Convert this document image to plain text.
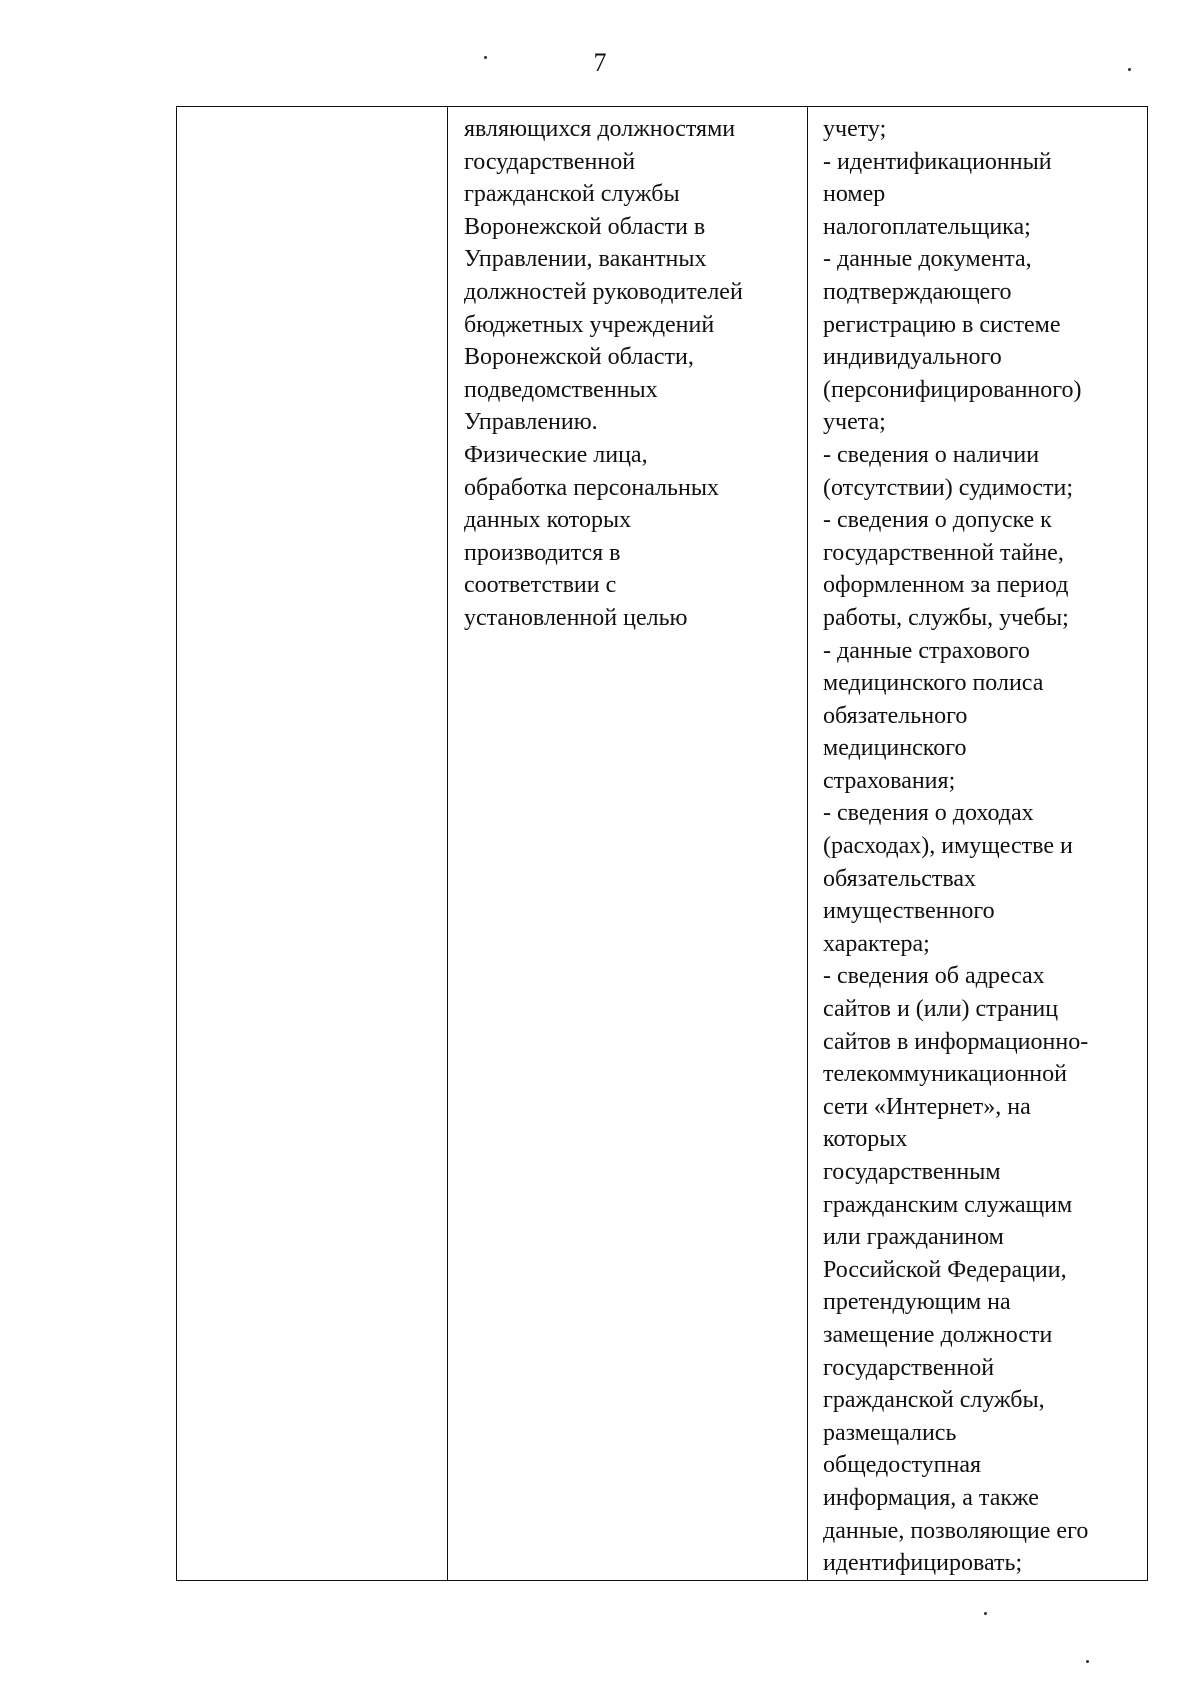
7
являющихся должностями
государственной
гражданской службы
Воронежской области в
Управлении, вакантных
должностей руководителей
бюджетных учреждений
Воронежской области,
подведомственных
Управлению.
Физические лица,
обработка персональных
данных которых
производится в
соответствии с
установленной целью
учету;
- идентификационный
номер
налогоплательщика;
- данные документа,
подтверждающего
регистрацию в системе
индивидуального
(персонифицированного)
учета;
- сведения о наличии
(отсутствии) судимости;
- сведения о допуске к
государственной тайне,
оформленном за период
работы, службы, учебы;
- данные страхового
медицинского полиса
обязательного
медицинского
страхования;
- сведения о доходах
(расходах), имуществе и
обязательствах
имущественного
характера;
- сведения об адресах
сайтов и (или) страниц
сайтов в информационно-
телекоммуникационной
сети «Интернет», на
которых
государственным
гражданским служащим
или гражданином
Российской Федерации,
претендующим на
замещение должности
государственной
гражданской службы,
размещались
общедоступная
информация, а также
данные, позволяющие его
идентифицировать;
